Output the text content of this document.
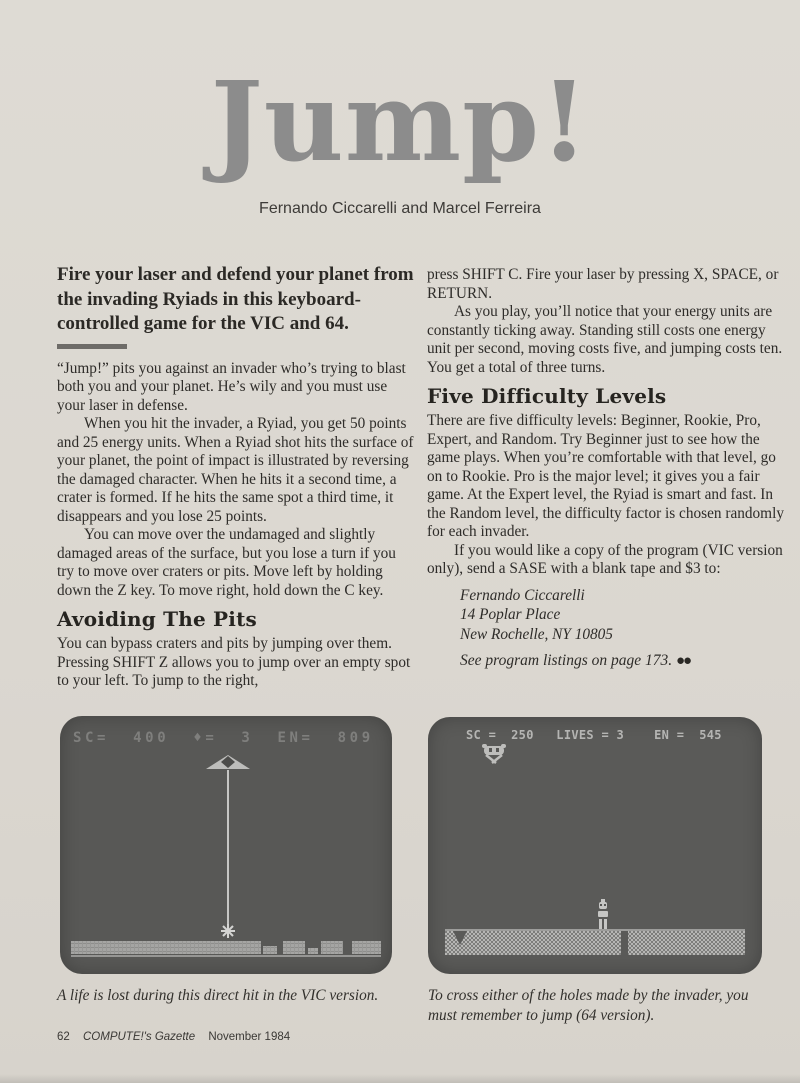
Jump!
Fernando Ciccarelli and Marcel Ferreira

Fire your laser and defend your planet from the invading Ryiads in this keyboard-controlled game for the VIC and 64.

“Jump!” pits you against an invader who’s trying to blast both you and your planet. He’s wily and you must use your laser in defense.

When you hit the invader, a Ryiad, you get 50 points and 25 energy units. When a Ryiad shot hits the surface of your planet, the point of impact is illustrated by reversing the damaged character. When he hits it a second time, a crater is formed. If he hits the same spot a third time, it disappears and you lose 25 points.

You can move over the undamaged and slightly damaged areas of the surface, but you lose a turn if you try to move over craters or pits. Move left by holding down the Z key. To move right, hold down the C key.

Avoiding The Pits

You can bypass craters and pits by jumping over them. Pressing SHIFT Z allows you to jump over an empty spot to your left. To jump to the right,

press SHIFT C. Fire your laser by pressing X, SPACE, or RETURN.

As you play, you’ll notice that your energy units are constantly ticking away. Standing still costs one energy unit per second, moving costs five, and jumping costs ten. You get a total of three turns.

Five Difficulty Levels

There are five difficulty levels: Beginner, Rookie, Pro, Expert, and Random. Try Beginner just to see how the game plays. When you’re comfortable with that level, go on to Rookie. Pro is the major level; it gives you a fair game. At the Expert level, the Ryiad is smart and fast. In the Random level, the difficulty factor is chosen randomly for each invader.

If you would like a copy of the program (VIC version only), send a SASE with a blank tape and $3 to:

Fernando Ciccarelli
14 Poplar Place
New Rochelle, NY 10805
See program listings on page 173. ●●
SC=  400  ♦=  3  EN=  809	SC =  250   LIVES = 3    EN =  545
A life is lost during this direct hit in the VIC version.	To cross either of the holes made by the invader, you must remember to jump (64 version).
62 COMPUTE!'s Gazette November 1984
